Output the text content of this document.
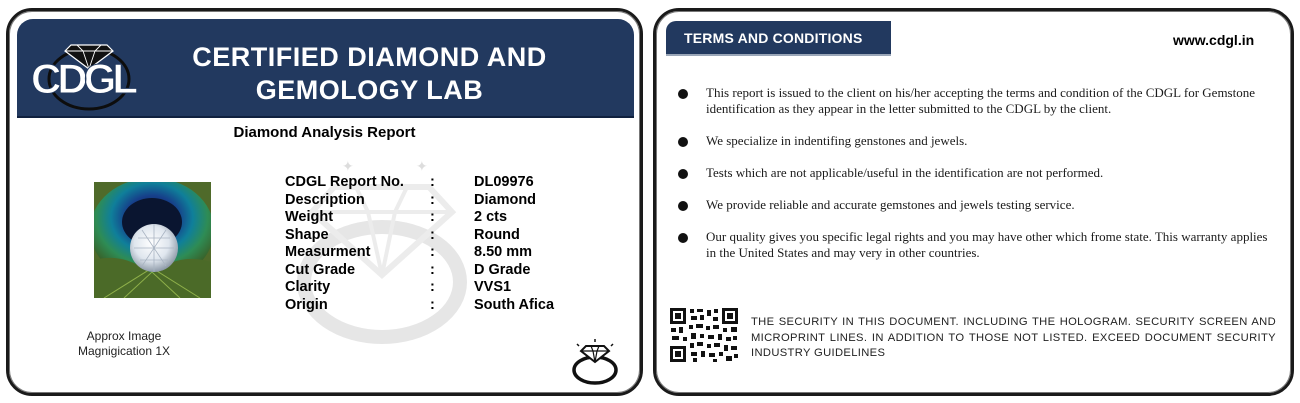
CDGL	CERTIFIED DIAMOND AND
GEMOLOGY LAB
Diamond Analysis Report
Approx Image
Magnigication 1X
✦	✦
CDGL Report No. :	DL09976
Description	:	Diamond
Weight	:	2 cts
Shape	:	Round
Measurment	:	8.50 mm
Cut Grade	:	D Grade
Clarity	:	VVS1
Origin	:	South Afica
TERMS AND CONDITIONS	www.cdgl.in
This report is issued to the client on his/her accepting the terms and condition of the CDGL for Gemstone identification as they appear in the letter submitted to the CDGL by the client.
We specialize in indentifing genstones and jewels.
Tests which are not applicable/useful in the identification are not performed.
We provide reliable and accurate gemstones and jewels testing service.
Our quality gives you specific legal rights and you may have other which frome state. This warranty applies in the United States and may very in other countries.
THE SECURITY IN THIS DOCUMENT. INCLUDING THE HOLOGRAM. SECURITY SCREEN AND MICROPRINT LINES. IN ADDITION TO THOSE NOT LISTED. EXCEED DOCUMENT SECURITY INDUSTRY GUIDELINES
